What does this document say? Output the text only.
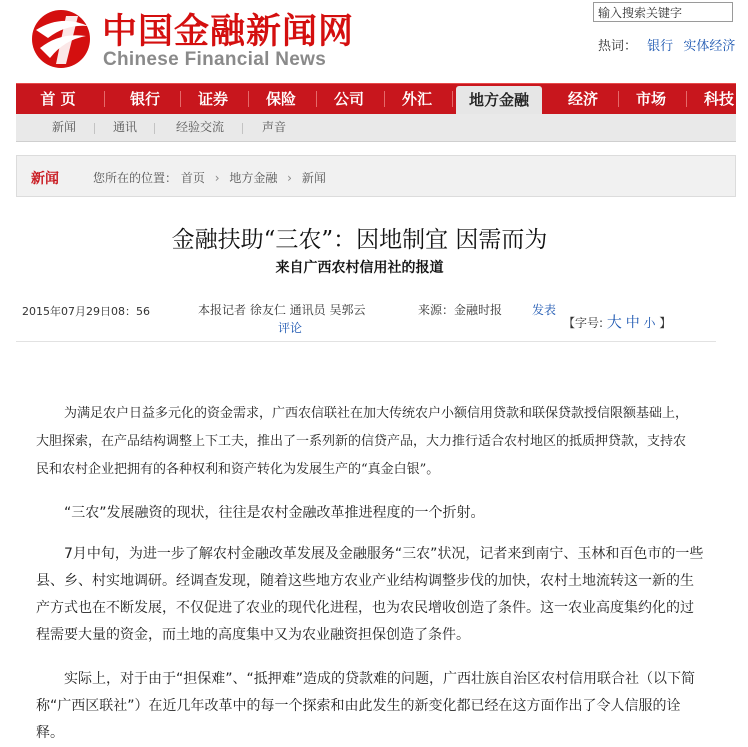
中国金融新闻网
Chinese Financial News
输入搜索关键字
热词： 银行 实体经济
首 页	银行	证券	保险	公司	外汇	地方金融	经济	市场	科技
新闻	通讯	经验交流	声音
新闻	您所在的位置： 首页 › 地方金融 › 新闻
金融扶助“三农”：因地制宜 因需而为
来自广西农村信用社的报道
2015年07月29日08：56	本报记者 徐友仁 通讯员 吴郭云	来源：金融时报 发表
评论	【字号: 大 中 小 】
为满足农户日益多元化的资金需求，广西农信联社在加大传统农户小额信用贷款和联保贷款授信限额基础上，大胆探索，在产品结构调整上下工夫，推出了一系列新的信贷产品，大力推行适合农村地区的抵质押贷款，支持农民和农村企业把拥有的各种权利和资产转化为发展生产的“真金白银”。
“三农”发展融资的现状，往往是农村金融改革推进程度的一个折射。
7月中旬，为进一步了解农村金融改革发展及金融服务“三农”状况，记者来到南宁、玉林和百色市的一些县、乡、村实地调研。经调查发现，随着这些地方农业产业结构调整步伐的加快，农村土地流转这一新的生产方式也在不断发展，不仅促进了农业的现代化进程，也为农民增收创造了条件。这一农业高度集约化的过程需要大量的资金，而土地的高度集中又为农业融资担保创造了条件。
实际上，对于由于“担保难”、“抵押难”造成的贷款难的问题，广西壮族自治区农村信用联合社（以下简称“广西区联社”）在近几年改革中的每一个探索和由此发生的新变化都已经在这方面作出了令人信服的诠释。
